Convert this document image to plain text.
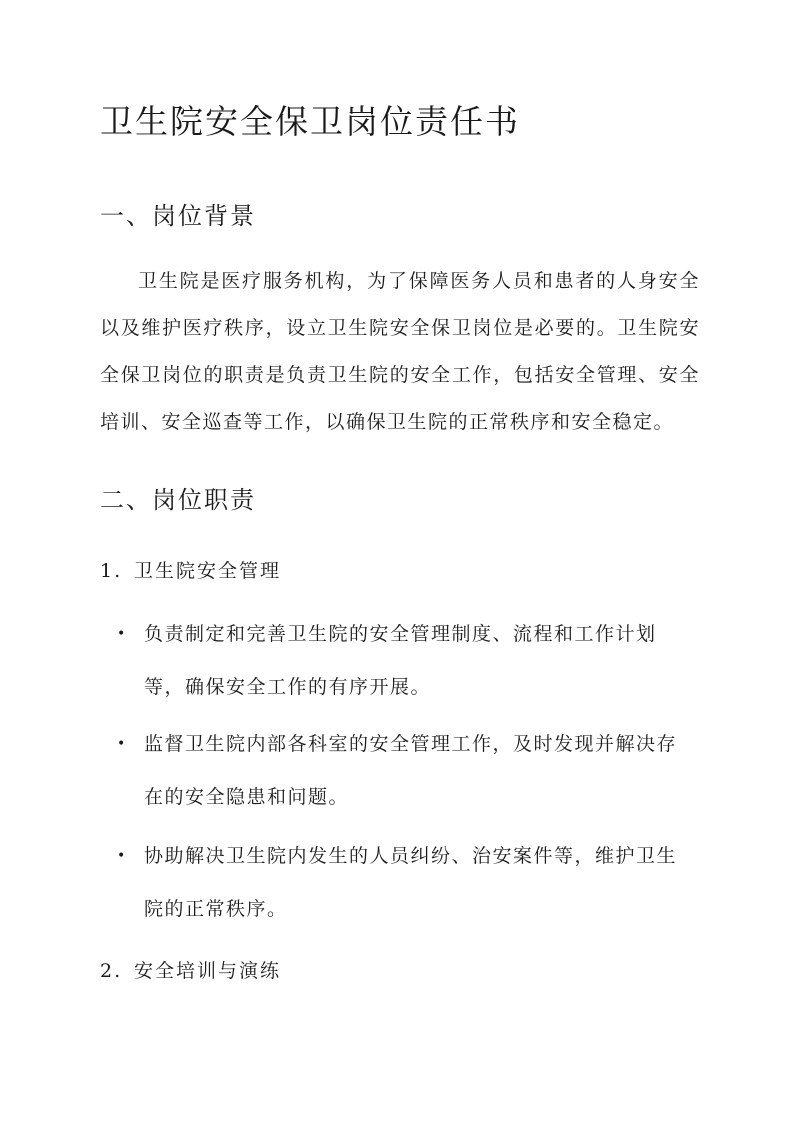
卫生院安全保卫岗位责任书
一、岗位背景

卫生院是医疗服务机构，为了保障医务人员和患者的人身安全以及维护医疗秩序，设立卫生院安全保卫岗位是必要的。卫生院安全保卫岗位的职责是负责卫生院的安全工作，包括安全管理、安全培训、安全巡查等工作，以确保卫生院的正常秩序和安全稳定。

二、岗位职责
1. 卫生院安全管理
• 负责制定和完善卫生院的安全管理制度、流程和工作计划等，确保安全工作的有序开展。
• 监督卫生院内部各科室的安全管理工作，及时发现并解决存在的安全隐患和问题。
• 协助解决卫生院内发生的人员纠纷、治安案件等，维护卫生院的正常秩序。
2. 安全培训与演练
